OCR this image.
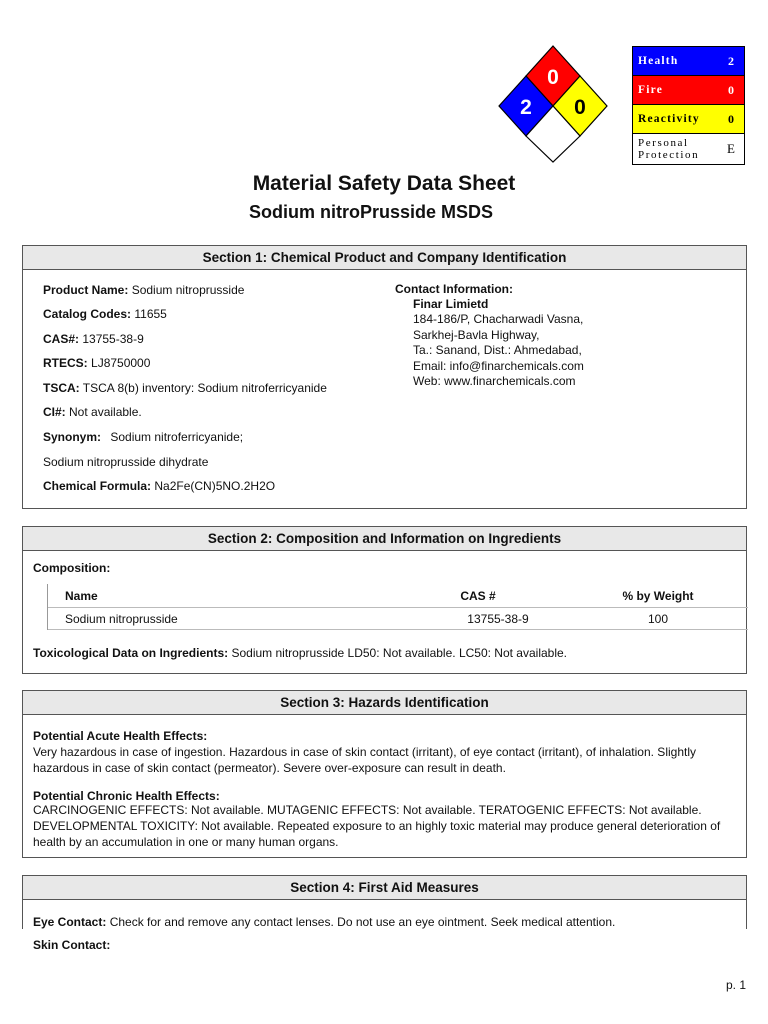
0
2 0
Health	2
Fire	0
Reactivity	0
Personal
Protection	E
Material Safety Data Sheet
Sodium nitroPrusside MSDS
Section 1: Chemical Product and Company Identification
Product Name: Sodium nitroprusside
Catalog Codes: 11655
CAS#: 13755-38-9
RTECS: LJ8750000
TSCA: TSCA 8(b) inventory: Sodium nitroferricyanide
CI#: Not available.
Synonym: Sodium nitroferricyanide;
Sodium nitroprusside dihydrate
Chemical Formula: Na2Fe(CN)5NO.2H2O
Contact Information:
Finar Limietd
184-186/P, Chacharwadi Vasna,
Sarkhej-Bavla Highway,
Ta.: Sanand, Dist.: Ahmedabad,
Email: info@finarchemicals.com
Web: www.finarchemicals.com
Section 2: Composition and Information on Ingredients
Composition:
Name	CAS #	% by Weight
Sodium nitroprusside	13755-38-9	100
Toxicological Data on Ingredients: Sodium nitroprusside LD50: Not available. LC50: Not available.
Section 3: Hazards Identification
Potential Acute Health Effects:
Very hazardous in case of ingestion. Hazardous in case of skin contact (irritant), of eye contact (irritant), of inhalation. Slightly hazardous in case of skin contact (permeator). Severe over-exposure can result in death.
Potential Chronic Health Effects:
CARCINOGENIC EFFECTS: Not available. MUTAGENIC EFFECTS: Not available. TERATOGENIC EFFECTS: Not available. DEVELOPMENTAL TOXICITY: Not available. Repeated exposure to an highly toxic material may produce general deterioration of health by an accumulation in one or many human organs.
Section 4: First Aid Measures
Eye Contact: Check for and remove any contact lenses. Do not use an eye ointment. Seek medical attention.
Skin Contact:
p. 1
